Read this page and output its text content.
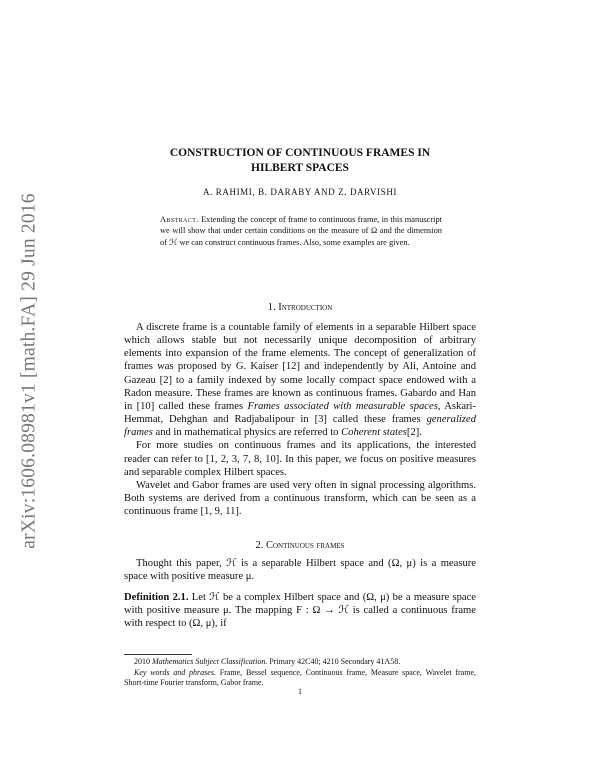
arXiv:1606.08981v1 [math.FA] 29 Jun 2016
CONSTRUCTION OF CONTINUOUS FRAMES IN
HILBERT SPACES
A. RAHIMI, B. DARABY AND Z. DARVISHI
Abstract. Extending the concept of frame to continuous frame, in this manuscript we will show that under certain conditions on the measure of Ω and the dimension of ℋ we can construct continuous frames. Also, some examples are given.
1. Introduction

A discrete frame is a countable family of elements in a separable Hilbert space which allows stable but not necessarily unique decomposition of arbitrary elements into expansion of the frame elements. The concept of generalization of frames was proposed by G. Kaiser [12] and independently by Ali, Antoine and Gazeau [2] to a family indexed by some locally compact space endowed with a Radon measure. These frames are known as continuous frames. Gabardo and Han in [10] called these frames Frames associated with measurable spaces, Askari-Hemmat, Dehghan and Radjabalipour in [3] called these frames generalized frames and in mathematical physics are referred to Coherent states[2].

For more studies on continuous frames and its applications, the interested reader can refer to [1, 2, 3, 7, 8, 10]. In this paper, we focus on positive measures and separable complex Hilbert spaces.

Wavelet and Gabor frames are used very often in signal processing algorithms. Both systems are derived from a continuous transform, which can be seen as a continuous frame [1, 9, 11].

2. Continuous frames

Thought this paper, ℋ is a separable Hilbert space and (Ω, μ) is a measure space with positive measure μ.

Definition 2.1. Let ℋ be a complex Hilbert space and (Ω, μ) be a measure space with positive measure μ. The mapping F : Ω → ℋ is called a continuous frame with respect to (Ω, μ), if

2010 Mathematics Subject Classification. Primary 42C40; 4210 Secondary 41A58.

Key words and phrases. Frame, Bessel sequence, Continuous frame, Measure space, Wavelet frame, Short-time Fourier transform, Gabor frame.

1
